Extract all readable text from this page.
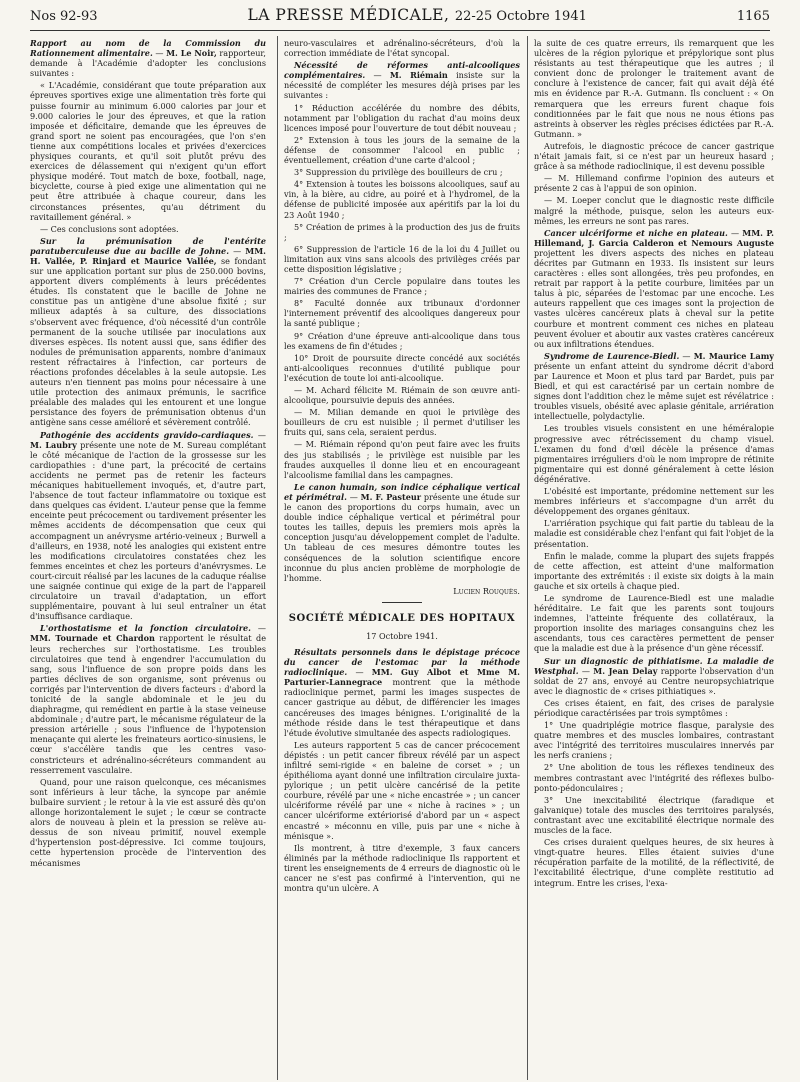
Nos 92-93	LA PRESSE MÉDICALE, 22-25 Octobre 1941	1165

Rapport au nom de la Commission du Rationnement alimentaire. — M. Le Noir, rapporteur, demande à l'Académie d'adopter les conclusions suivantes :

« L'Académie, considérant que toute préparation aux épreuves sportives exige une alimentation très forte qui puisse fournir au minimum 6.000 calories par jour et 9.000 calories le jour des épreuves, et que la ration imposée et déficitaire, demande que les épreuves de grand sport ne soient pas encouragées, que l'on s'en tienne aux compétitions locales et privées d'exercices physiques courants, et qu'il soit plutôt prévu des exercices de délassement qui n'exigent qu'un effort physique modéré. Tout match de boxe, football, nage, bicyclette, course à pied exige une alimentation qui ne peut être attribuée à chaque coureur, dans les circonstances présentes, qu'au détriment du ravitaillement général. »

— Ces conclusions sont adoptées.

Sur la prémunisation de l'entérite paratuberculeuse due au bacille de Johne. — MM. H. Vallée, P. Rinjard et Maurice Vallée, se fondant sur une application portant sur plus de 250.000 bovins, apportent divers compléments à leurs précédentes études. Ils constatent que le bacille de Johne ne constitue pas un antigène d'une absolue fixité ; sur milieux adaptés à sa culture, des dissociations s'observent avec fréquence, d'où nécessité d'un contrôle permanent de la souche utilisée par inoculations aux diverses espèces. Ils notent aussi que, sans édifier des nodules de prémunisation apparents, nombre d'animaux restent réfractaires à l'infection, car porteurs de réactions profondes décelables à la seule autopsie. Les auteurs n'en tiennent pas moins pour nécessaire à une utile protection des animaux prémunis, le sacrifice préalable des malades qui les entourent et une longue persistance des foyers de prémunisation obtenus d'un antigène sans cesse amélioré et sévèrement contrôlé.

Pathogénie des accidents gravido-cardiaques. — M. Laubry présente une note de M. Sureau complétant le côté mécanique de l'action de la grossesse sur les cardiopathies : d'une part, la précocité de certains accidents ne permet pas de retenir les facteurs mécaniques habituellement invoqués, et, d'autre part, l'absence de tout facteur inflammatoire ou toxique est dans quelques cas évident. L'auteur pense que la femme enceinte peut précocement ou tardivement présenter les mêmes accidents de décompensation que ceux qui accompagnent un anévrysme artério-veineux ; Burwell a d'ailleurs, en 1938, noté les analogies qui existent entre les modifications circulatoires constatées chez les femmes enceintes et chez les porteurs d'anévrysmes. Le court-circuit réalisé par les lacunes de la caduque réalise une saignée continue qui exige de la part de l'appareil circulatoire un travail d'adaptation, un effort supplémentaire, pouvant à lui seul entraîner un état d'insuffisance cardiaque.

L'orthostatisme et la fonction circulatoire. — MM. Tournade et Chardon rapportent le résultat de leurs recherches sur l'orthostatisme. Les troubles circulatoires que tend à engendrer l'accumulation du sang, sous l'influence de son propre poids dans les parties déclives de son organisme, sont prévenus ou corrigés par l'intervention de divers facteurs : d'abord la tonicité de la sangle abdominale et le jeu du diaphragme, qui remédient en partie à la stase veineuse abdominale ; d'autre part, le mécanisme régulateur de la pression artérielle ; sous l'influence de l'hypotension menaçante qui alerte les freinateurs aortico-sinusiens, le cœur s'accélère tandis que les centres vaso-constricteurs et adrénalino-sécréteurs commandent au resserrement vasculaire.

Quand, pour une raison quelconque, ces mécanismes sont inférieurs à leur tâche, la syncope par anémie bulbaire survient ; le retour à la vie est assuré dès qu'on allonge horizontalement le sujet ; le cœur se contracte alors de nouveau à plein et la pression se relève au-dessus de son niveau primitif, nouvel exemple d'hypertension post-dépressive. Ici comme toujours, cette hypertension procède de l'intervention des mécanismes

neuro-vasculaires et adrénalino-sécréteurs, d'où la correction immédiate de l'état syncopal.

Nécessité de réformes anti-alcooliques complémentaires. — M. Riémain insiste sur la nécessité de compléter les mesures déjà prises par les suivantes :

1° Réduction accélérée du nombre des débits, notamment par l'obligation du rachat d'au moins deux licences imposé pour l'ouverture de tout débit nouveau ;

2° Extension à tous les jours de la semaine de la défense de consommer l'alcool en public ; éventuellement, création d'une carte d'alcool ;

3° Suppression du privilège des bouilleurs de cru ;

4° Extension à toutes les boissons alcooliques, sauf au vin, à la bière, au cidre, au poiré et à l'hydromel, de la défense de publicité imposée aux apéritifs par la loi du 23 Août 1940 ;

5° Création de primes à la production des jus de fruits ;

6° Suppression de l'article 16 de la loi du 4 Juillet ou limitation aux vins sans alcools des privilèges créés par cette disposition législative ;

7° Création d'un Cercle populaire dans toutes les mairies des communes de France ;

8° Faculté donnée aux tribunaux d'ordonner l'internement préventif des alcooliques dangereux pour la santé publique ;

9° Création d'une épreuve anti-alcoolique dans tous les examens de fin d'études ;

10° Droit de poursuite directe concédé aux sociétés anti-alcooliques reconnues d'utilité publique pour l'exécution de toute loi anti-alcoolique.

— M. Achard félicite M. Riémain de son œuvre anti-alcoolique, poursuivie depuis des années.

— M. Milian demande en quoi le privilège des bouilleurs de cru est nuisible ; il permet d'utiliser les fruits qui, sans cela, seraient perdus.

— M. Riémain répond qu'on peut faire avec les fruits des jus stabilisés ; le privilège est nuisible par les fraudes auxquelles il donne lieu et en encourageant l'alcoolisme familial dans les campagnes.

Le canon humain, son indice céphalique vertical et périmétral. — M. F. Pasteur présente une étude sur le canon des proportions du corps humain, avec un double indice céphalique vertical et périmétral pour toutes les tailles, depuis les premiers mois après la conception jusqu'au développement complet de l'adulte. Un tableau de ces mesures démontre toutes les conséquences de la solution scientifique encore inconnue du plus ancien problème de morphologie de l'homme.

Lucien Rouquès.

SOCIÉTÉ MÉDICALE DES HOPITAUX

17 Octobre 1941.

Résultats personnels dans le dépistage précoce du cancer de l'estomac par la méthode radioclinique. — MM. Guy Albot et Mme M. Parturier-Lannegrace montrent que la méthode radioclinique permet, parmi les images suspectes de cancer gastrique au début, de différencier les images cancéreuses des images bénignes. L'originalité de la méthode réside dans le test thérapeutique et dans l'étude évolutive simultanée des aspects radiologiques.

Les auteurs rapportent 5 cas de cancer précocement dépistés : un petit cancer fibreux révélé par un aspect infiltré semi-rigide « en baleine de corset » ; un épithélioma ayant donné une infiltration circulaire juxta-pylorique ; un petit ulcère cancérisé de la petite courbure, révélé par une « niche encastrée » ; un cancer ulcériforme révélé par une « niche à racines » ; un cancer ulcériforme extériorisé d'abord par un « aspect encastré » méconnu en ville, puis par une « niche à ménisque ».

Ils montrent, à titre d'exemple, 3 faux cancers éliminés par la méthode radioclinique Ils rapportent et tirent les enseignements de 4 erreurs de diagnostic où le cancer ne s'est pas confirmé à l'intervention, qui ne montra qu'un ulcère. A

la suite de ces quatre erreurs, ils remarquent que les ulcères de la région pylorique et prépylorique sont plus résistants au test thérapeutique que les autres ; il convient donc de prolonger le traitement avant de conclure à l'existence de cancer, fait qui avait déjà été mis en évidence par R.-A. Gutmann. Ils concluent : « On remarquera que les erreurs furent chaque fois conditionnées par le fait que nous ne nous étions pas astreints à observer les règles précises édictées par R.-A. Gutmann. »

Autrefois, le diagnostic précoce de cancer gastrique n'était jamais fait, si ce n'est par un heureux hasard ; grâce à sa méthode radioclinique, il est devenu possible

— M. Hillemand confirme l'opinion des auteurs et présente 2 cas à l'appui de son opinion.

— M. Loeper conclut que le diagnostic reste difficile malgré la méthode, puisque, selon les auteurs eux-mêmes, les erreurs ne sont pas rares.

Cancer ulcériforme et niche en plateau. — MM. P. Hillemand, J. Garcia Calderon et Nemours Auguste projettent les divers aspects des niches en plateau décrites par Gutmann en 1933. Ils insistent sur leurs caractères : elles sont allongées, très peu profondes, en retrait par rapport à la petite courbure, limitées par un talus à pic, séparées de l'estomac par une encoche. Les auteurs rappellent que ces images sont la projection de vastes ulcères cancéreux plats à cheval sur la petite courbure et montrent comment ces niches en plateau peuvent évoluer et aboutir aux vastes cratères cancéreux ou aux infiltrations étendues.

Syndrome de Laurence-Biedl. — M. Maurice Lamy présente un enfant atteint du syndrome décrit d'abord par Laurence et Moon et plus tard par Bardet, puis par Biedl, et qui est caractérisé par un certain nombre de signes dont l'addition chez le même sujet est révélatrice : troubles visuels, obésité avec aplasie génitale, arriération intellectuelle, polydactylie.

Les troubles visuels consistent en une héméralopie progressive avec rétrécissement du champ visuel. L'examen du fond d'œil décèle la présence d'amas pigmentaires irréguliers d'où le nom impropre de rétinite pigmentaire qui est donné généralement à cette lésion dégénérative.

L'obésité est importante, prédomine nettement sur les membres inférieurs et s'accompagne d'un arrêt du développement des organes génitaux.

L'arriération psychique qui fait partie du tableau de la maladie est considérable chez l'enfant qui fait l'objet de la présentation.

Enfin le malade, comme la plupart des sujets frappés de cette affection, est atteint d'une malformation importante des extrémités : il existe six doigts à la main gauche et six orteils à chaque pied.

Le syndrome de Laurence-Biedl est une maladie héréditaire. Le fait que les parents sont toujours indemnes, l'atteinte fréquente des collatéraux, la proportion insolite des mariages consanguins chez les ascendants, tous ces caractères permettent de penser que la maladie est due à la présence d'un gène récessif.

Sur un diagnostic de pithiatisme. La maladie de Westphal. — M. Jean Delay rapporte l'observation d'un soldat de 27 ans, envoyé au Centre neuropsychiatrique avec le diagnostic de « crises pithiatiques ».

Ces crises étaient, en fait, des crises de paralysie périodique caractérisées par trois symptômes :

1° Une quadriplégie motrice flasque, paralysie des quatre membres et des muscles lombaires, contrastant avec l'intégrité des territoires musculaires innervés par les nerfs craniens ;

2° Une abolition de tous les réflexes tendineux des membres contrastant avec l'intégrité des réflexes bulbo-ponto-pédonculaires ;

3° Une inexcitabilité électrique (faradique et galvanique) totale des muscles des territoires paralysés, contrastant avec une excitabilité électrique normale des muscles de la face.

Ces crises duraient quelques heures, de six heures à vingt-quatre heures. Elles étaient suivies d'une récupération parfaite de la motilité, de la réflectivité, de l'excitabilité électrique, d'une complète restitutio ad integrum. Entre les crises, l'exa-
